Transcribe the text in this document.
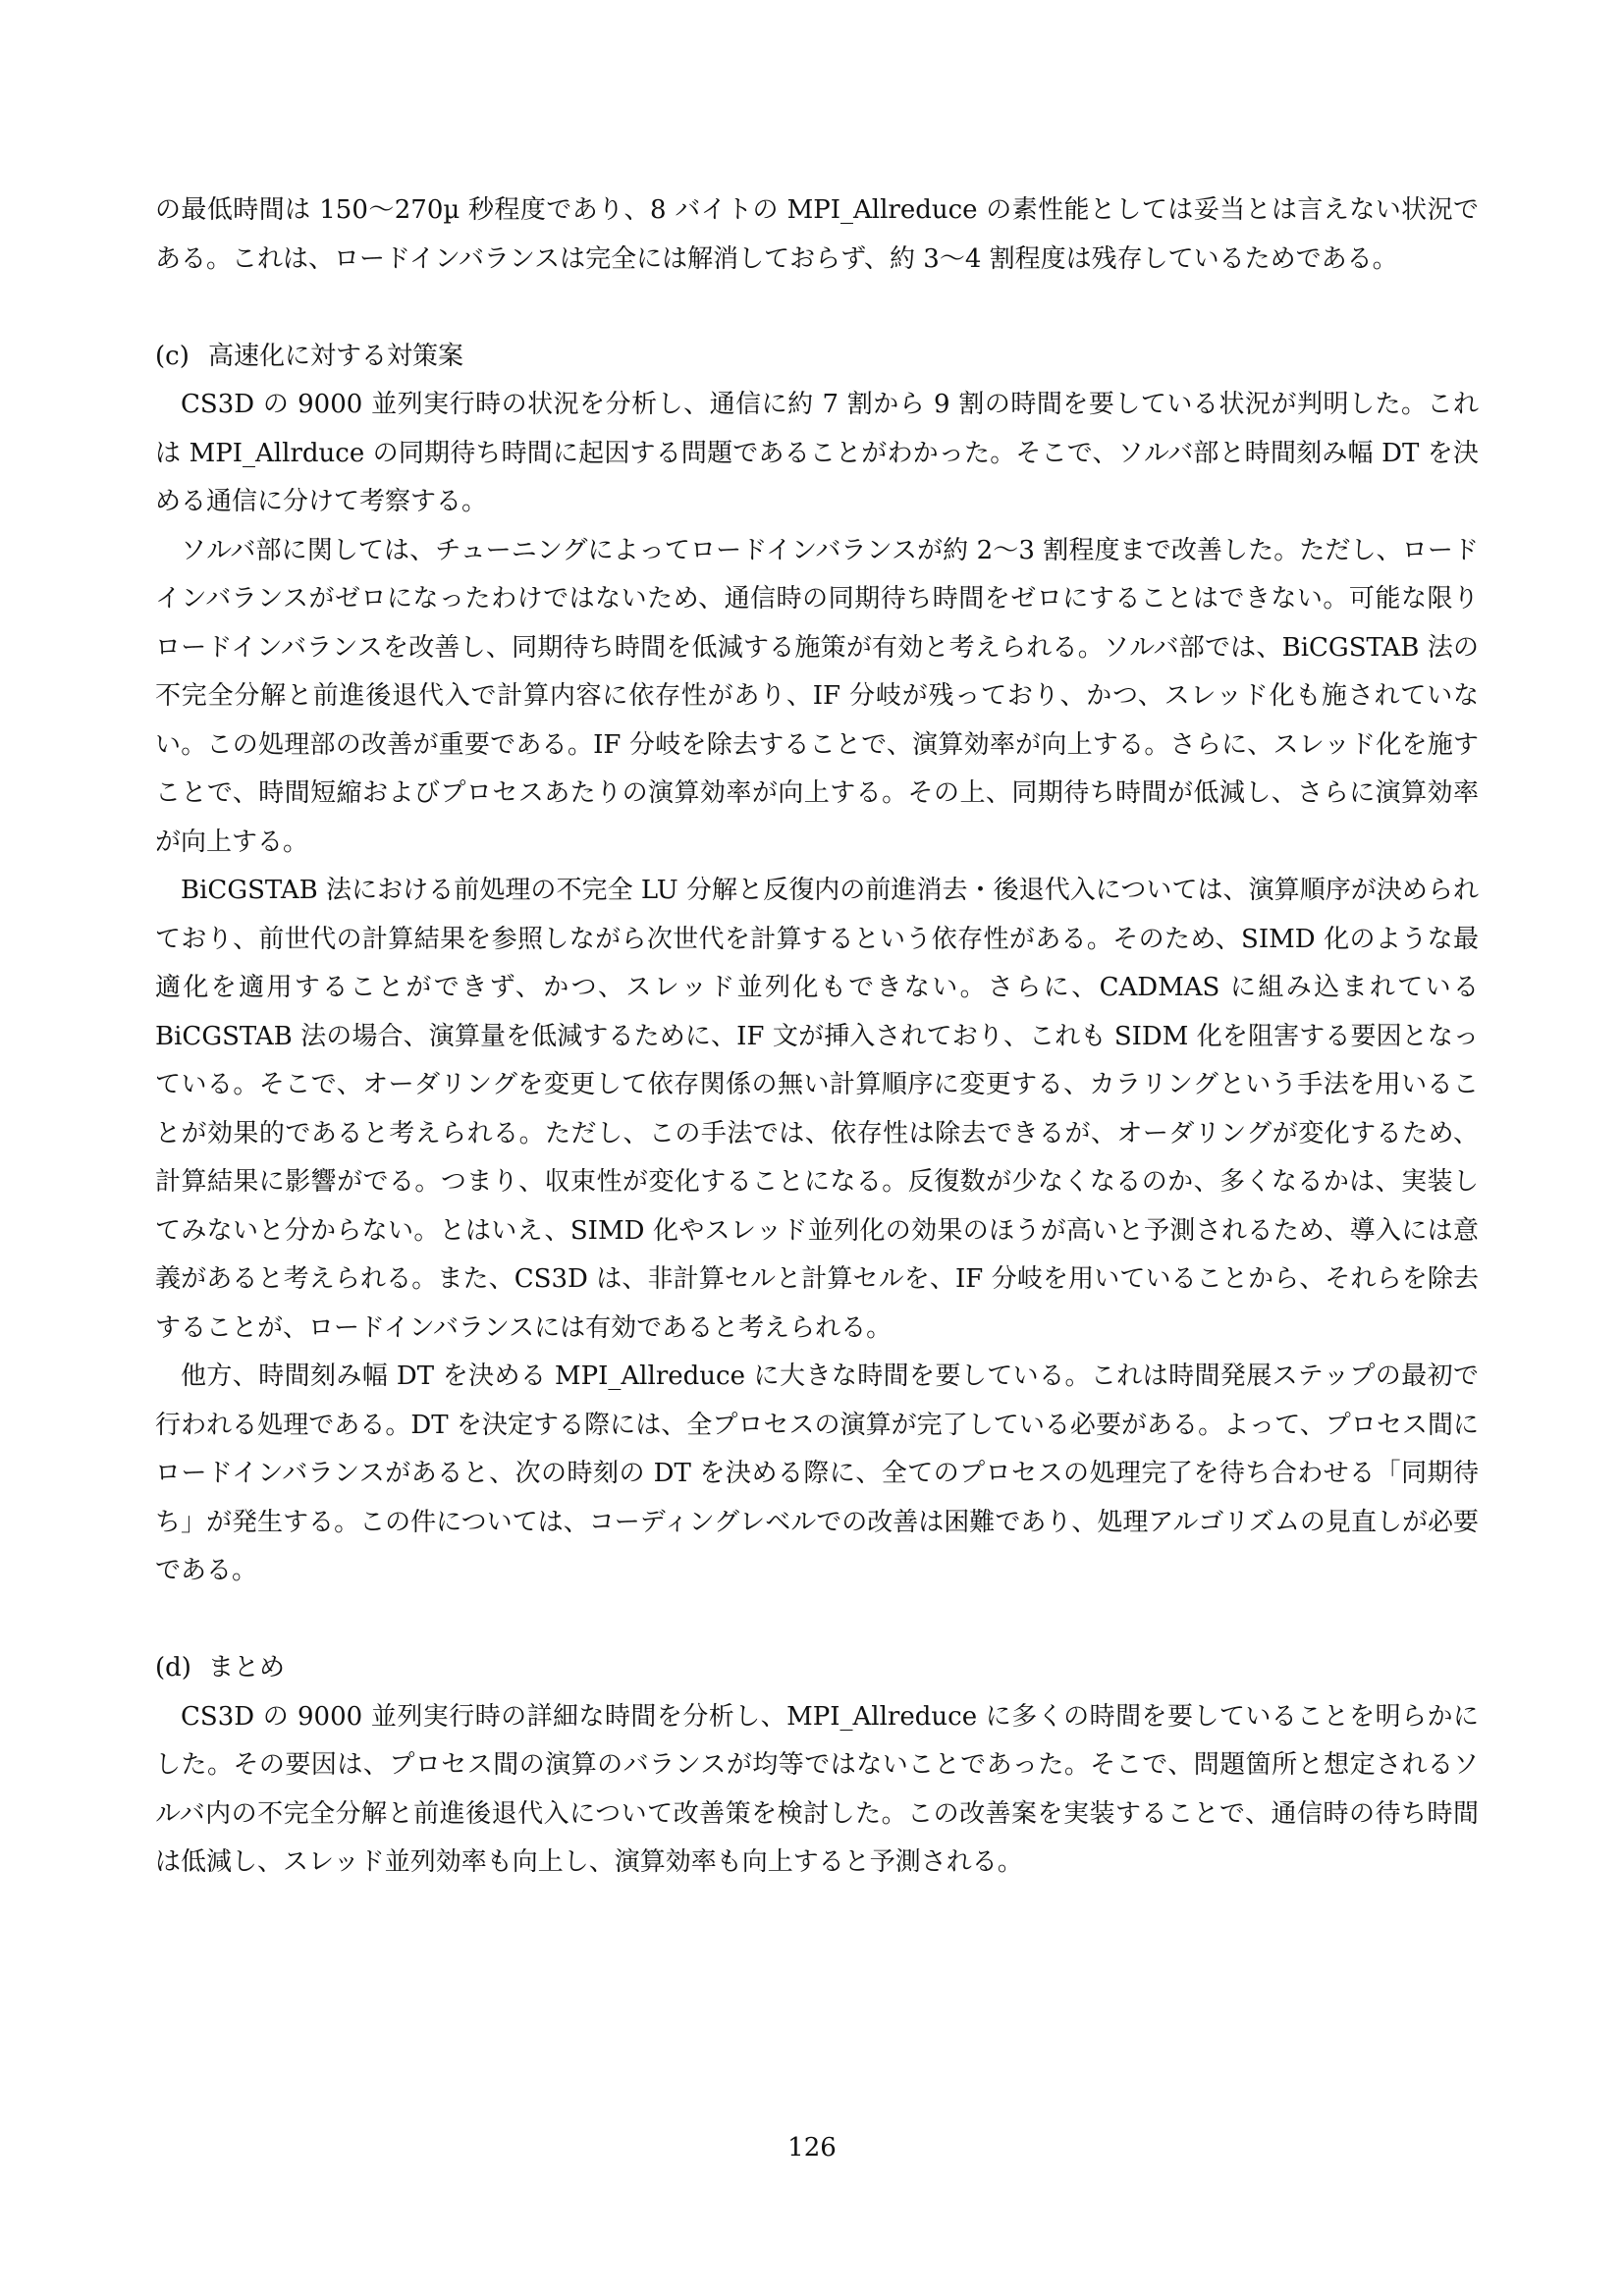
の最低時間は 150〜270µ 秒程度であり、8 バイトの MPI_Allreduce の素性能としては妥当とは言えない状況である。これは、ロードインバランスは完全には解消しておらず、約 3〜4 割程度は残存しているためである。

(c) 高速化に対する対策案

CS3D の 9000 並列実行時の状況を分析し、通信に約 7 割から 9 割の時間を要している状況が判明した。これは MPI_Allrduce の同期待ち時間に起因する問題であることがわかった。そこで、ソルバ部と時間刻み幅 DT を決める通信に分けて考察する。

ソルバ部に関しては、チューニングによってロードインバランスが約 2〜3 割程度まで改善した。ただし、ロードインバランスがゼロになったわけではないため、通信時の同期待ち時間をゼロにすることはできない。可能な限りロードインバランスを改善し、同期待ち時間を低減する施策が有効と考えられる。ソルバ部では、BiCGSTAB 法の不完全分解と前進後退代入で計算内容に依存性があり、IF 分岐が残っており、かつ、スレッド化も施されていない。この処理部の改善が重要である。IF 分岐を除去することで、演算効率が向上する。さらに、スレッド化を施すことで、時間短縮およびプロセスあたりの演算効率が向上する。その上、同期待ち時間が低減し、さらに演算効率が向上する。

BiCGSTAB 法における前処理の不完全 LU 分解と反復内の前進消去・後退代入については、演算順序が決められており、前世代の計算結果を参照しながら次世代を計算するという依存性がある。そのため、SIMD 化のような最適化を適用することができず、かつ、スレッド並列化もできない。さらに、CADMAS に組み込まれている BiCGSTAB 法の場合、演算量を低減するために、IF 文が挿入されており、これも SIDM 化を阻害する要因となっている。そこで、オーダリングを変更して依存関係の無い計算順序に変更する、カラリングという手法を用いることが効果的であると考えられる。ただし、この手法では、依存性は除去できるが、オーダリングが変化するため、計算結果に影響がでる。つまり、収束性が変化することになる。反復数が少なくなるのか、多くなるかは、実装してみないと分からない。とはいえ、SIMD 化やスレッド並列化の効果のほうが高いと予測されるため、導入には意義があると考えられる。また、CS3D は、非計算セルと計算セルを、IF 分岐を用いていることから、それらを除去することが、ロードインバランスには有効であると考えられる。

他方、時間刻み幅 DT を決める MPI_Allreduce に大きな時間を要している。これは時間発展ステップの最初で行われる処理である。DT を決定する際には、全プロセスの演算が完了している必要がある。よって、プロセス間にロードインバランスがあると、次の時刻の DT を決める際に、全てのプロセスの処理完了を待ち合わせる「同期待ち」が発生する。この件については、コーディングレベルでの改善は困難であり、処理アルゴリズムの見直しが必要である。

(d) まとめ

CS3D の 9000 並列実行時の詳細な時間を分析し、MPI_Allreduce に多くの時間を要していることを明らかにした。その要因は、プロセス間の演算のバランスが均等ではないことであった。そこで、問題箇所と想定されるソルバ内の不完全分解と前進後退代入について改善策を検討した。この改善案を実装することで、通信時の待ち時間は低減し、スレッド並列効率も向上し、演算効率も向上すると予測される。

126
